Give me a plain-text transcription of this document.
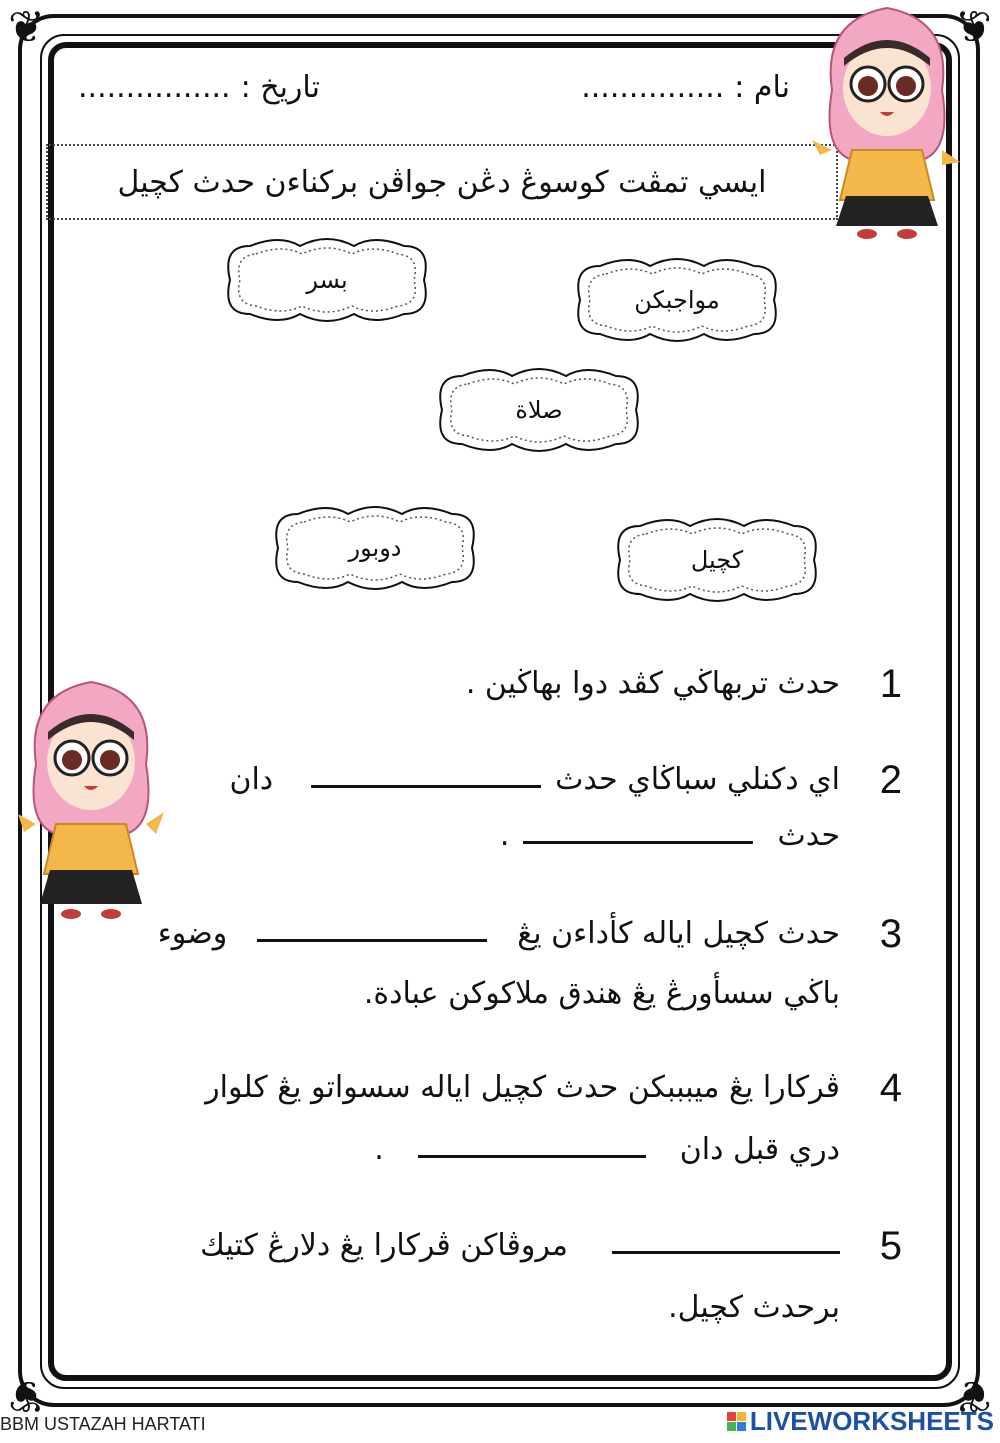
❦	❦
❦	❦
تاريخ :
................	نام :
...............
ايسي تمڤت كوسوڠ دڠن جواڤن بركناءن حدث كچيل
بسر
مواجبكن
صلاة
دوبور	كچيل
1
حدث تربهاڬي كڤد دوا بهاڬين .
2
اي دكنلي سباڬاي حدث
دان
حدث
.
3
حدث كچيل اياله كأداءن يڠ
وضوء
باڬي سسأورڠ يڠ هندق ملاكوكن عبادة.
4
ڤركارا يڠ ميبببكن حدث كچيل اياله سسواتو يڠ كلوار
دري قبل دان
.
5
مروڤاكن ڤركارا يڠ دلارڠ كتيك
برحدث كچيل.
BBM USTAZAH HARTATI	LIVEWORKSHEETS
